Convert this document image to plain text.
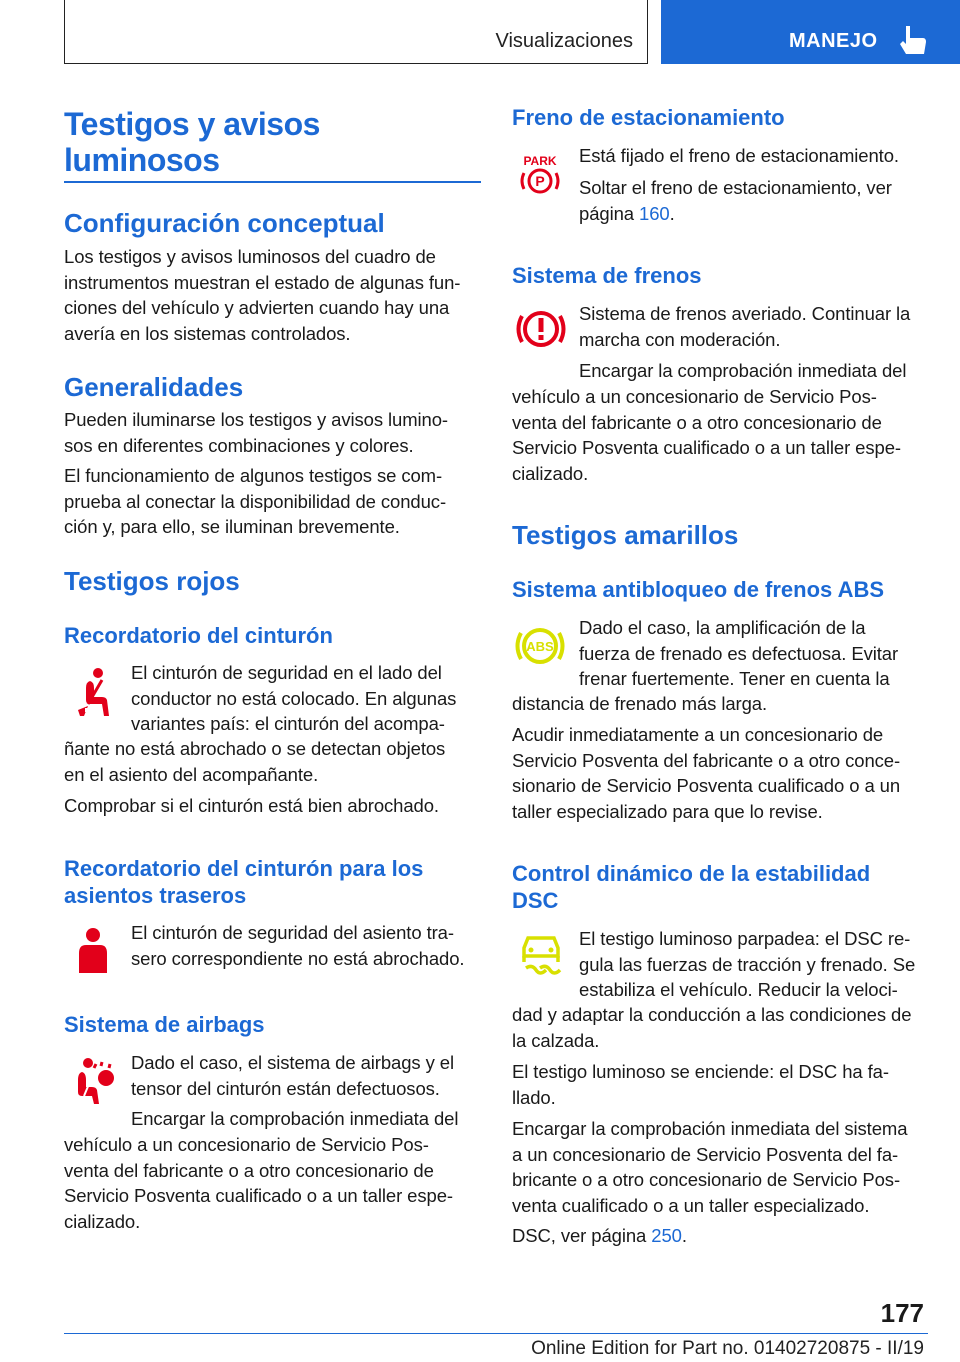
Visualizaciones	MANEJO
Testigos y avisos
luminosos
Configuración conceptual
Los testigos y avisos luminosos del cuadro de
instrumentos muestran el estado de algunas fun-
ciones del vehículo y advierten cuando hay una
avería en los sistemas controlados.
Generalidades
Pueden iluminarse los testigos y avisos lumino-
sos en diferentes combinaciones y colores.
El funcionamiento de algunos testigos se com-
prueba al conectar la disponibilidad de conduc-
ción y, para ello, se iluminan brevemente.
Testigos rojos
Recordatorio del cinturón
El cinturón de seguridad en el lado del
conductor no está colocado. En algunas
variantes país: el cinturón del acompa-
ñante no está abrochado o se detectan objetos
en el asiento del acompañante.
Comprobar si el cinturón está bien abrochado.
Recordatorio del cinturón para los
asientos traseros
El cinturón de seguridad del asiento tra-
sero correspondiente no está abrochado.
Sistema de airbags
Dado el caso, el sistema de airbags y el
tensor del cinturón están defectuosos.
Encargar la comprobación inmediata del
vehículo a un concesionario de Servicio Pos-
venta del fabricante o a otro concesionario de
Servicio Posventa cualificado o a un taller espe-
cializado.
Freno de estacionamiento
PARK
P
Está fijado el freno de estacionamiento.
Soltar el freno de estacionamiento, ver
página 160.
Sistema de frenos
Sistema de frenos averiado. Continuar la
marcha con moderación.
Encargar la comprobación inmediata del
vehículo a un concesionario de Servicio Pos-
venta del fabricante o a otro concesionario de
Servicio Posventa cualificado o a un taller espe-
cializado.
Testigos amarillos
Sistema antibloqueo de frenos ABS
ABS
Dado el caso, la amplificación de la
fuerza de frenado es defectuosa. Evitar
frenar fuertemente. Tener en cuenta la
distancia de frenado más larga.
Acudir inmediatamente a un concesionario de
Servicio Posventa del fabricante o a otro conce-
sionario de Servicio Posventa cualificado o a un
taller especializado para que lo revise.
Control dinámico de la estabilidad
DSC
El testigo luminoso parpadea: el DSC re-
gula las fuerzas de tracción y frenado. Se
estabiliza el vehículo. Reducir la veloci-
dad y adaptar la conducción a las condiciones de
la calzada.
El testigo luminoso se enciende: el DSC ha fa-
llado.
Encargar la comprobación inmediata del sistema
a un concesionario de Servicio Posventa del fa-
bricante o a otro concesionario de Servicio Pos-
venta cualificado o a un taller especializado.
DSC, ver página 250.
177
Online Edition for Part no. 01402720875 - II/19
